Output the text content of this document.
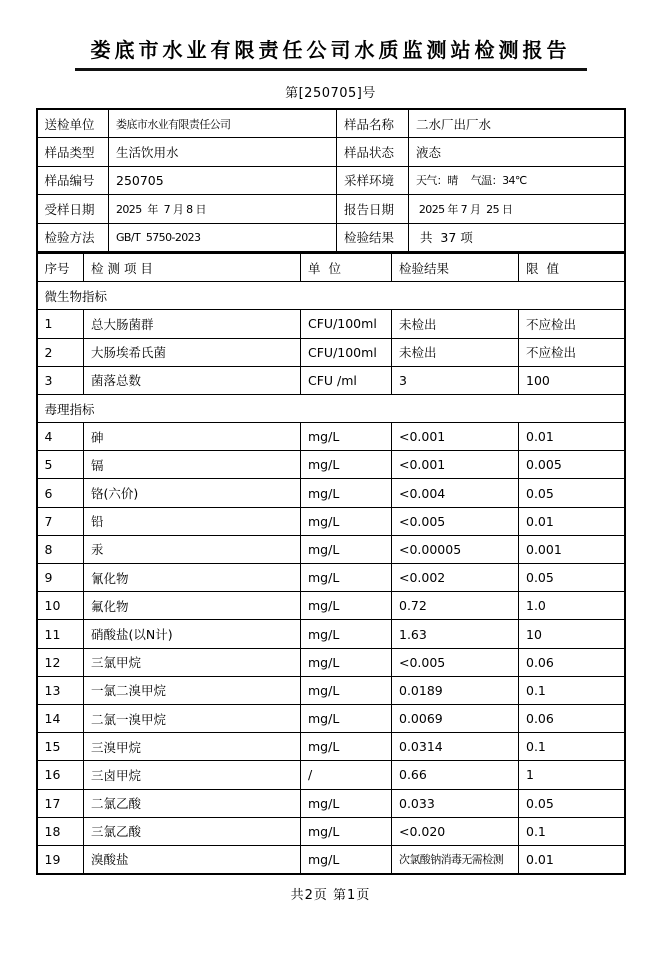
娄底市水业有限责任公司水质监测站检测报告
第[250705]号
送检单位	娄底市水业有限责任公司	样品名称	二水厂出厂水
样品类型	生活饮用水	样品状态	液态
样品编号	250705	采样环境	天气：晴　 气温：34℃
受样日期	2025  年  7 月 8 日	报告日期	2025 年 7 月  25 日
检验方法	GB/T  5750-2023	检验结果	共  37 项
序号	检 测 项 目	单  位	检验结果	限  值
微生物指标				
1	总大肠菌群	CFU/100ml	未检出	不应检出
2	大肠埃希氏菌	CFU/100ml	未检出	不应检出
3	菌落总数	CFU /ml	3	100
毒理指标				
4	砷	mg/L	<0.001	0.01
5	镉	mg/L	<0.001	0.005
6	铬(六价)	mg/L	<0.004	0.05
7	铅	mg/L	<0.005	0.01
8	汞	mg/L	<0.00005	0.001
9	氰化物	mg/L	<0.002	0.05
10	氟化物	mg/L	0.72	1.0
11	硝酸盐(以N计)	mg/L	1.63	10
12	三氯甲烷	mg/L	<0.005	0.06
13	一氯二溴甲烷	mg/L	0.0189	0.1
14	二氯一溴甲烷	mg/L	0.0069	0.06
15	三溴甲烷	mg/L	0.0314	0.1
16	三卤甲烷	/	0.66	1
17	二氯乙酸	mg/L	0.033	0.05
18	三氯乙酸	mg/L	<0.020	0.1
19	溴酸盐	mg/L	次氯酸钠消毒无需检测	0.01
共2页 第1页
